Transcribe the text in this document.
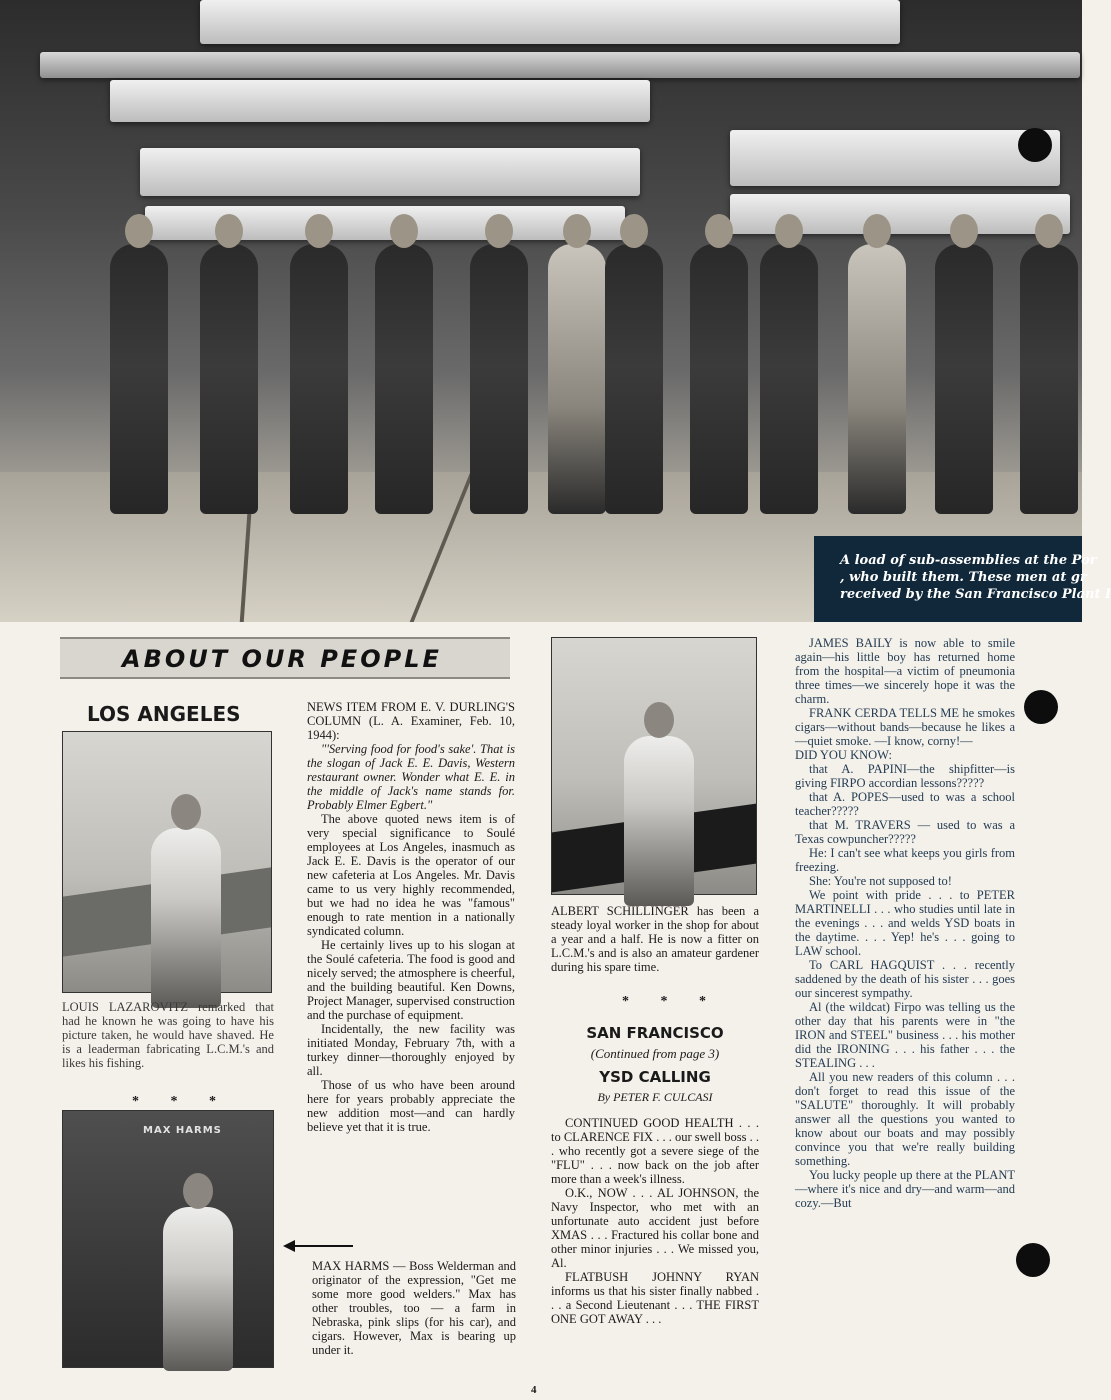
A load of sub-assemblies at the Por
, who built them. These men at gr
received by the San Francisco Plant I
ABOUT OUR PEOPLE
LOS ANGELES
LOUIS LAZAROVITZ remarked that had he known he was going to have his picture taken, he would have shaved. He is a leaderman fabricating L.C.M.'s and likes his fishing.
* * *
MAX HARMS

NEWS ITEM FROM E. V. DURLING'S COLUMN (L. A. Examiner, Feb. 10, 1944):

"'Serving food for food's sake'. That is the slogan of Jack E. E. Davis, Western restaurant owner. Wonder what E. E. in the middle of Jack's name stands for. Probably Elmer Egbert."

The above quoted news item is of very special significance to Soulé employees at Los Angeles, inasmuch as Jack E. E. Davis is the operator of our new cafeteria at Los Angeles. Mr. Davis came to us very highly recommended, but we had no idea he was "famous" enough to rate mention in a nationally syndicated column.

He certainly lives up to his slogan at the Soulé cafeteria. The food is good and nicely served; the atmosphere is cheerful, and the building beautiful. Ken Downs, Project Manager, supervised construction and the purchase of equipment.

Incidentally, the new facility was initiated Monday, February 7th, with a turkey dinner—thoroughly enjoyed by all.

Those of us who have been around here for years probably appreciate the new addition most—and can hardly believe yet that it is true.

MAX HARMS — Boss Welderman and originator of the expression, "Get me some more good welders." Max has other troubles, too — a farm in Nebraska, pink slips (for his car), and cigars. However, Max is bearing up under it.
ALBERT SCHILLINGER has been a steady loyal worker in the shop for about a year and a half. He is now a fitter on L.C.M.'s and is also an amateur gardener during his spare time.
* * *
SAN FRANCISCO
(Continued from page 3)
YSD CALLING
By PETER F. CULCASI

CONTINUED GOOD HEALTH . . . to CLARENCE FIX . . . our swell boss . . . who recently got a severe siege of the "FLU" . . . now back on the job after more than a week's illness.

O.K., NOW . . . AL JOHNSON, the Navy Inspector, who met with an unfortunate auto accident just before XMAS . . . Fractured his collar bone and other minor injuries . . . We missed you, Al.

FLATBUSH JOHNNY RYAN informs us that his sister finally nabbed . . . a Second Lieutenant . . . THE FIRST ONE GOT AWAY . . .

JAMES BAILY is now able to smile again—his little boy has returned home from the hospital—a victim of pneumonia three times—we sincerely hope it was the charm.

FRANK CERDA TELLS ME he smokes cigars—without bands—because he likes a—quiet smoke. —I know, corny!—

DID YOU KNOW:

that A. PAPINI—the shipfitter—is giving FIRPO accordian lessons?????

that A. POPES—used to was a school teacher?????

that M. TRAVERS — used to was a Texas cowpuncher?????

He: I can't see what keeps you girls from freezing.

She: You're not supposed to!

We point with pride . . . to PETER MARTINELLI . . . who studies until late in the evenings . . . and welds YSD boats in the daytime. . . . Yep! he's . . . going to LAW school.

To CARL HAGQUIST . . . recently saddened by the death of his sister . . . goes our sincerest sympathy.

Al (the wildcat) Firpo was telling us the other day that his parents were in "the IRON and STEEL" business . . . his mother did the IRONING . . . his father . . . the STEALING . . .

All you new readers of this column . . . don't forget to read this issue of the "SALUTE" thoroughly. It will probably answer all the questions you wanted to know about our boats and may possibly convince you that we're really building something.

You lucky people up there at the PLANT—where it's nice and dry—and warm—and cozy.—But

4
